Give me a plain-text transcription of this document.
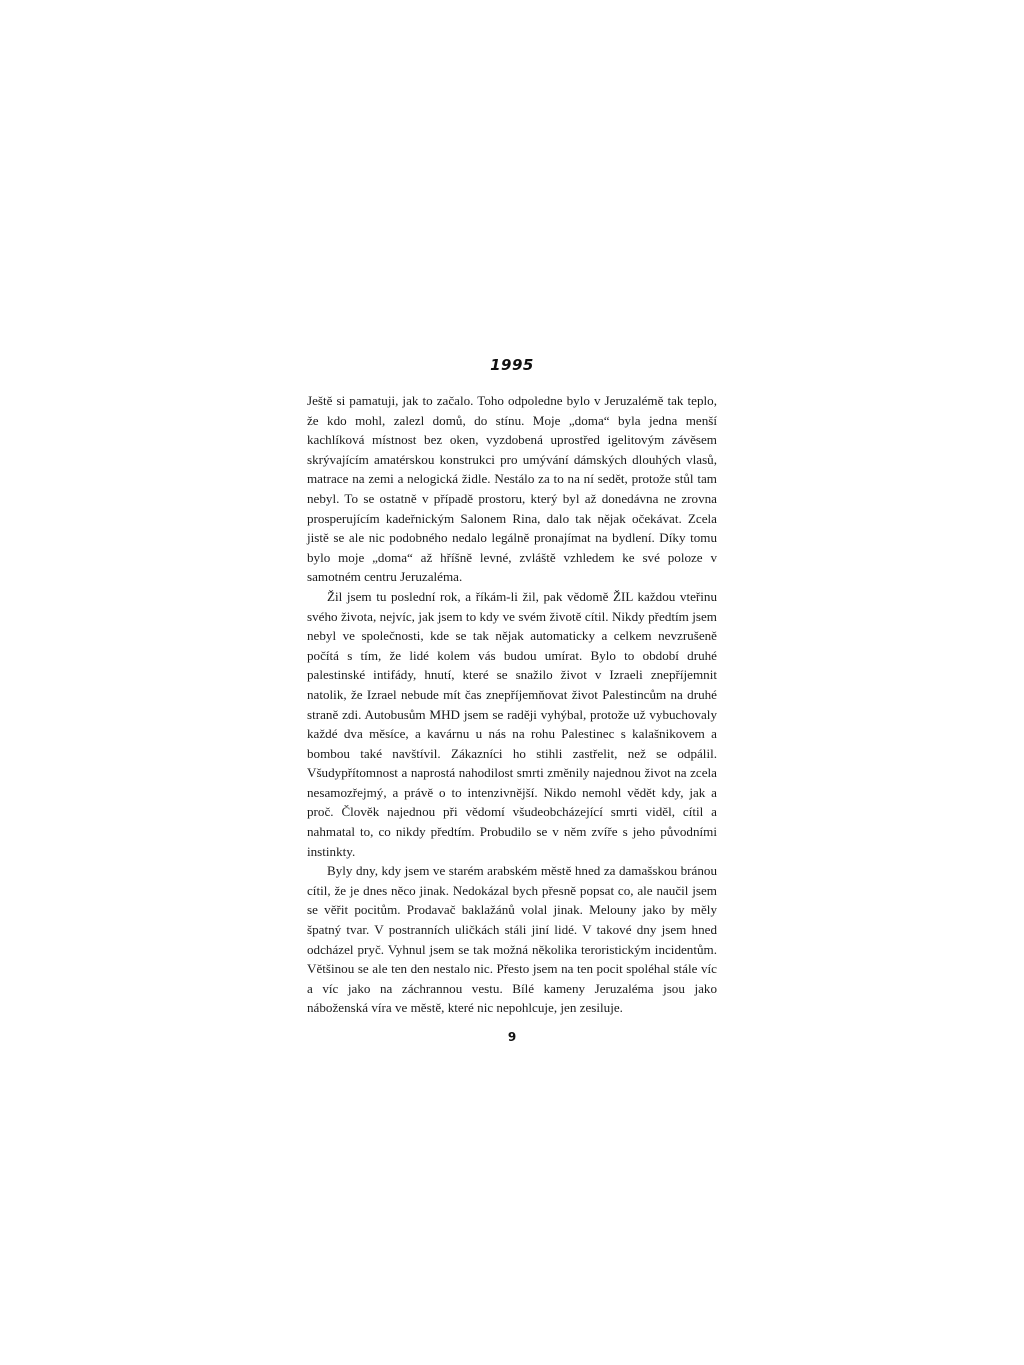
1995

Ještě si pamatuji, jak to začalo. Toho odpoledne bylo v Jeruzalémě tak teplo, že kdo mohl, zalezl domů, do stínu. Moje „doma“ byla jedna menší kachlíková místnost bez oken, vyzdobená uprostřed igelitovým závěsem skrývajícím amatérskou konstrukci pro umývání dámských dlouhých vlasů, matrace na zemi a nelogická židle. Nestálo za to na ní sedět, protože stůl tam nebyl. To se ostatně v případě prostoru, který byl až donedávna ne zrovna prosperujícím kadeřnickým Salonem Rina, dalo tak nějak očekávat. Zcela jistě se ale nic podobného nedalo legálně pronajímat na bydlení. Díky tomu bylo moje „doma“ až hříšně levné, zvláště vzhledem ke své poloze v samotném centru Jeruzaléma.

Žil jsem tu poslední rok, a říkám-li žil, pak vědomě ŽIL každou vteřinu svého života, nejvíc, jak jsem to kdy ve svém životě cítil. Nikdy předtím jsem nebyl ve společnosti, kde se tak nějak automaticky a celkem nevzrušeně počítá s tím, že lidé kolem vás budou umírat. Bylo to období druhé palestinské intifády, hnutí, které se snažilo život v Izraeli znepříjemnit natolik, že Izrael nebude mít čas znepříjemňovat život Palestincům na druhé straně zdi. Autobusům MHD jsem se raději vyhýbal, protože už vybuchovaly každé dva měsíce, a kavárnu u nás na rohu Palestinec s kalašnikovem a bombou také navštívil. Zákazníci ho stihli zastřelit, než se odpálil. Všudypřítomnost a naprostá nahodilost smrti změnily najednou život na zcela nesamozřejmý, a právě o to intenzivnější. Nikdo nemohl vědět kdy, jak a proč. Člověk najednou při vědomí všudeobcházející smrti viděl, cítil a nahmatal to, co nikdy předtím. Probudilo se v něm zvíře s jeho původními instinkty.

Byly dny, kdy jsem ve starém arabském městě hned za damašskou bránou cítil, že je dnes něco jinak. Nedokázal bych přesně popsat co, ale naučil jsem se věřit pocitům. Prodavač baklažánů volal jinak. Melouny jako by měly špatný tvar. V postranních uličkách stáli jiní lidé. V takové dny jsem hned odcházel pryč. Vyhnul jsem se tak možná několika teroristickým incidentům. Většinou se ale ten den nestalo nic. Přesto jsem na ten pocit spoléhal stále víc a víc jako na záchrannou vestu. Bílé kameny Jeruzaléma jsou jako náboženská víra ve městě, které nic nepohlcuje, jen zesiluje.

9
